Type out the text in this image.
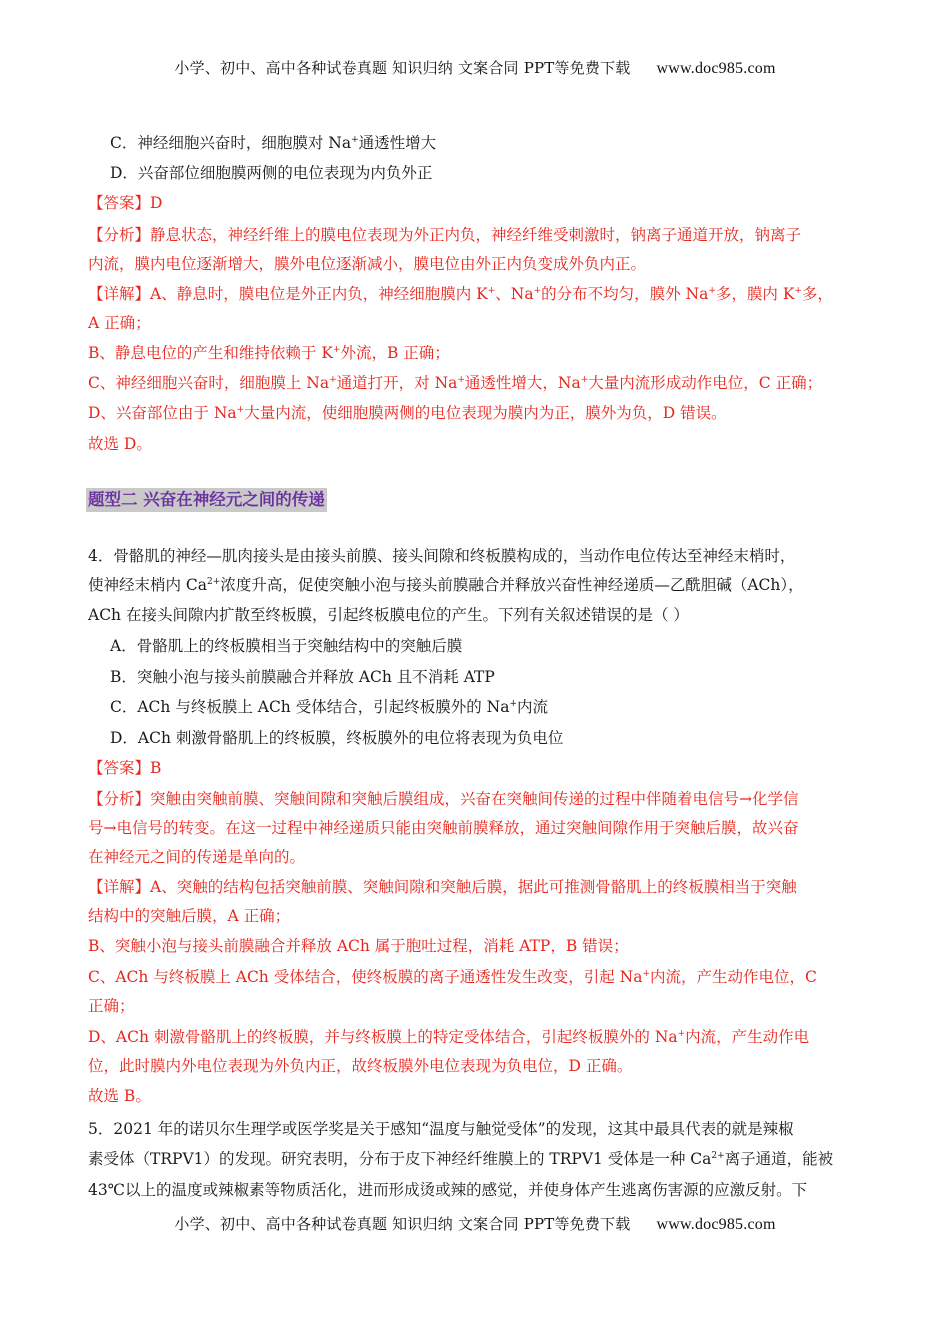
小学、初中、高中各种试卷真题 知识归纳 文案合同 PPT等免费下载 www.doc985.com
C．神经细胞兴奋时，细胞膜对 Na+通透性增大
D．兴奋部位细胞膜两侧的电位表现为内负外正
【答案】D
【分析】静息状态，神经纤维上的膜电位表现为外正内负，神经纤维受刺激时，钠离子通道开放，钠离子
内流，膜内电位逐渐增大，膜外电位逐渐减小，膜电位由外正内负变成外负内正。
【详解】A、静息时，膜电位是外正内负，神经细胞膜内 K+、Na+的分布不均匀，膜外 Na+多，膜内 K+多，
A 正确；
B、静息电位的产生和维持依赖于 K+外流，B 正确；
C、神经细胞兴奋时，细胞膜上 Na+通道打开，对 Na+通透性增大，Na+大量内流形成动作电位，C 正确；
D、兴奋部位由于 Na+大量内流，使细胞膜两侧的电位表现为膜内为正，膜外为负，D 错误。
故选 D。
题型二 兴奋在神经元之间的传递
4．骨骼肌的神经—肌肉接头是由接头前膜、接头间隙和终板膜构成的，当动作电位传达至神经末梢时，
使神经末梢内 $Ca^{2+}$浓度升高，促使突触小泡与接头前膜融合并释放兴奋性神经递质—乙酰胆碱（ACh），
ACh 在接头间隙内扩散至终板膜，引起终板膜电位的产生。下列有关叙述错误的是（ ）
A．骨骼肌上的终板膜相当于突触结构中的突触后膜
B．突触小泡与接头前膜融合并释放 ACh 且不消耗 ATP
C．ACh 与终板膜上 ACh 受体结合，引起终板膜外的 Na+内流
D．ACh 刺激骨骼肌上的终板膜，终板膜外的电位将表现为负电位
【答案】B
【分析】突触由突触前膜、突触间隙和突触后膜组成，兴奋在突触间传递的过程中伴随着电信号→化学信
号→电信号的转变。在这一过程中神经递质只能由突触前膜释放，通过突触间隙作用于突触后膜，故兴奋
在神经元之间的传递是单向的。
【详解】A、突触的结构包括突触前膜、突触间隙和突触后膜，据此可推测骨骼肌上的终板膜相当于突触
结构中的突触后膜，A 正确；
B、突触小泡与接头前膜融合并释放 ACh 属于胞吐过程，消耗 ATP，B 错误；
C、ACh 与终板膜上 ACh 受体结合，使终板膜的离子通透性发生改变，引起 Na+内流，产生动作电位，C
正确；
D、ACh 刺激骨骼肌上的终板膜，并与终板膜上的特定受体结合，引起终板膜外的 Na+内流，产生动作电
位，此时膜内外电位表现为外负内正，故终板膜外电位表现为负电位，D 正确。
故选 B。
5．2021 年的诺贝尔生理学或医学奖是关于感知“温度与触觉受体”的发现，这其中最具代表的就是辣椒
素受体（TRPV1）的发现。研究表明，分布于皮下神经纤维膜上的 TRPV1 受体是一种 $Ca^{2+}$离子通道，能被
43℃以上的温度或辣椒素等物质活化，进而形成烫或辣的感觉，并使身体产生逃离伤害源的应激反射。下
小学、初中、高中各种试卷真题 知识归纳 文案合同 PPT等免费下载 www.doc985.com
